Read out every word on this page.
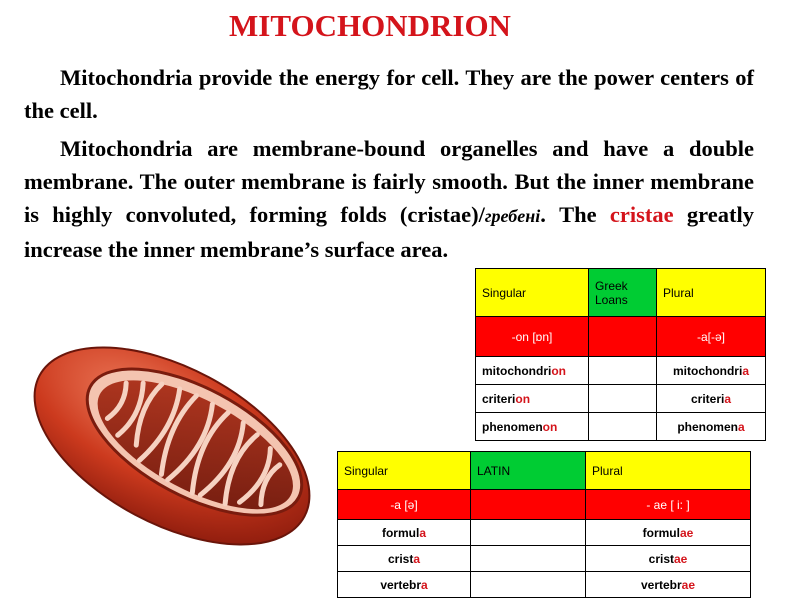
MITOCHONDRION

Mitochondria provide the energy for cell. They are the power centers of the cell.

Mitochondria are membrane-bound organelles and have a double membrane. The outer membrane is fairly smooth. But the inner membrane is highly convoluted, forming folds (cristae)/гребені. The cristae greatly increase the inner membrane’s surface area.

Singular	Greek Loans	Plural
-on [ɒn]		-a[-ə]
mitochondrion		mitochondria
criterion		criteria
phenomenon		phenomena
Singular	LATIN	Plural
-a [ə]		- ae [ i: ]
formula		formulae
crista		cristae
vertebra		vertebrae
